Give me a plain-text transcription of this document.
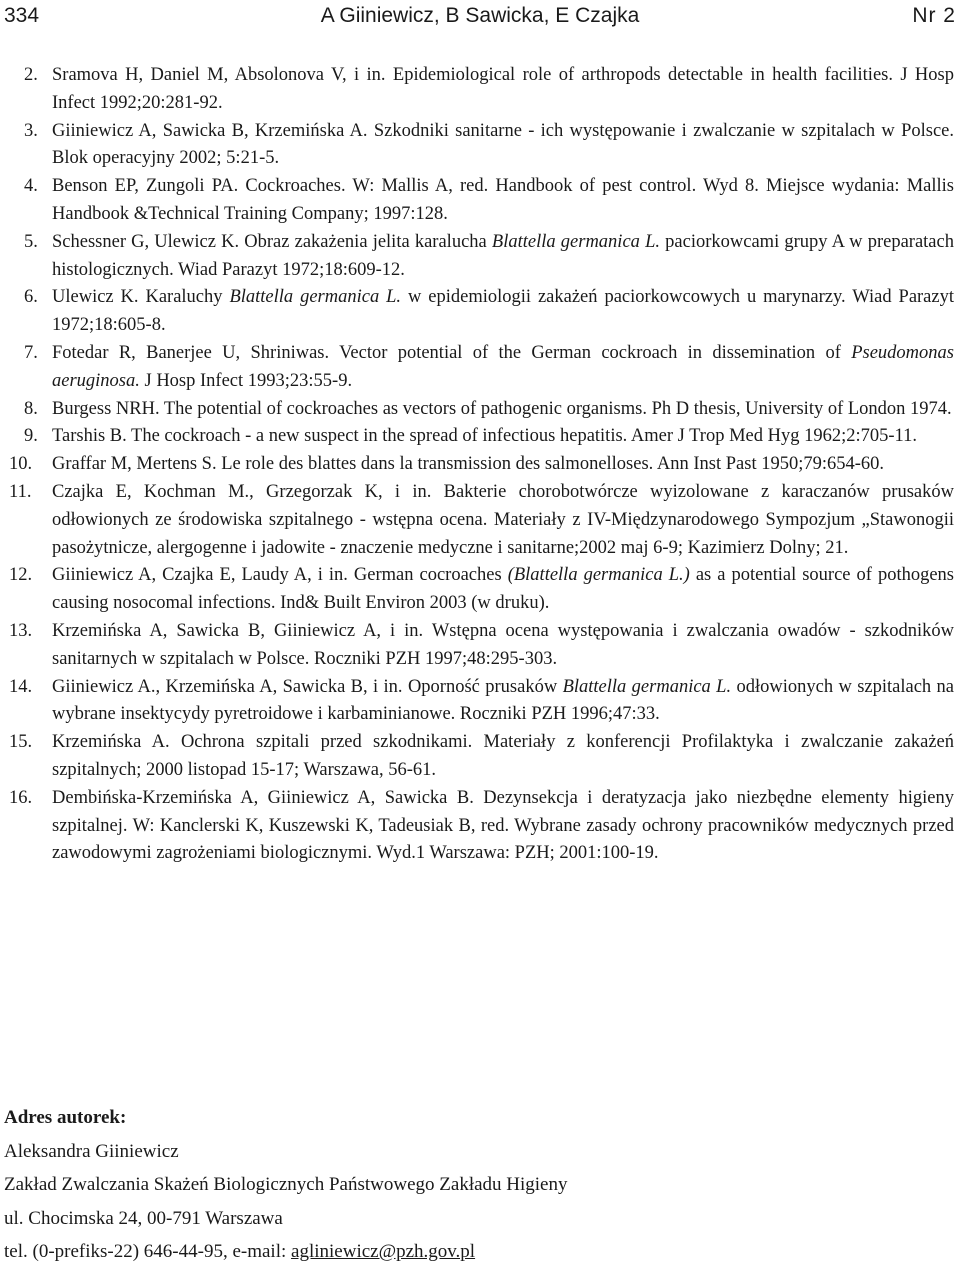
334	A Giiniewicz, B Sawicka, E Czajka	Nr 2
2. Sramova H, Daniel M, Absolonova V, i in. Epidemiological role of arthropods detectable in health facilities. J Hosp Infect 1992;20:281-92.
3. Giiniewicz A, Sawicka B, Krzemińska A. Szkodniki sanitarne - ich występowanie i zwalczanie w szpitalach w Polsce. Blok operacyjny 2002; 5:21-5.
4. Benson EP, Zungoli PA. Cockroaches. W: Mallis A, red. Handbook of pest control. Wyd 8. Miejsce wydania: Mallis Handbook &Technical Training Company; 1997:128.
5. Schessner G, Ulewicz K. Obraz zakażenia jelita karalucha Blattella germanica L. paciorkowcami grupy A w preparatach histologicznych. Wiad Parazyt 1972;18:609-12.
6. Ulewicz K. Karaluchy Blattella germanica L. w epidemiologii zakażeń paciorkowcowych u marynarzy. Wiad Parazyt 1972;18:605-8.
7. Fotedar R, Banerjee U, Shriniwas. Vector potential of the German cockroach in dissemination of Pseudomonas aeruginosa. J Hosp Infect 1993;23:55-9.
8. Burgess NRH. The potential of cockroaches as vectors of pathogenic organisms. Ph D thesis, University of London 1974.
9. Tarshis B. The cockroach - a new suspect in the spread of infectious hepatitis. Amer J Trop Med Hyg 1962;2:705-11.
10. Graffar M, Mertens S. Le role des blattes dans la transmission des salmonelloses. Ann Inst Past 1950;79:654-60.
11. Czajka E, Kochman M., Grzegorzak K, i in. Bakterie chorobotwórcze wyizolowane z karaczanów prusaków odłowionych ze środowiska szpitalnego - wstępna ocena. Materiały z IV-Międzynarodowego Sympozjum „Stawonogii pasożytnicze, alergogenne i jadowite - znaczenie medyczne i sanitarne;2002 maj 6-9; Kazimierz Dolny; 21.
12. Giiniewicz A, Czajka E, Laudy A, i in. German cocroaches (Blattella germanica L.) as a potential source of pothogens causing nosocomal infections. Ind& Built Environ 2003 (w druku).
13. Krzemińska A, Sawicka B, Giiniewicz A, i in. Wstępna ocena występowania i zwalczania owadów - szkodników sanitarnych w szpitalach w Polsce. Roczniki PZH 1997;48:295-303.
14. Giiniewicz A., Krzemińska A, Sawicka B, i in. Oporność prusaków Blattella germanica L. odłowionych w szpitalach na wybrane insektycydy pyretroidowe i karbaminianowe. Roczniki PZH 1996;47:33.
15. Krzemińska A. Ochrona szpitali przed szkodnikami. Materiały z konferencji Profilaktyka i zwalczanie zakażeń szpitalnych; 2000 listopad 15-17; Warszawa, 56-61.
16. Dembińska-Krzemińska A, Giiniewicz A, Sawicka B. Dezynsekcja i deratyzacja jako niezbędne elementy higieny szpitalnej. W: Kanclerski K, Kuszewski K, Tadeusiak B, red. Wybrane zasady ochrony pracowników medycznych przed zawodowymi zagrożeniami biologicznymi. Wyd.1 Warszawa: PZH; 2001:100-19.
Adres autorek:
Aleksandra Giiniewicz
Zakład Zwalczania Skażeń Biologicznych Państwowego Zakładu Higieny
ul. Chocimska 24, 00-791 Warszawa
tel. (0-prefiks-22) 646-44-95, e-mail: agliniewicz@pzh.gov.pl
